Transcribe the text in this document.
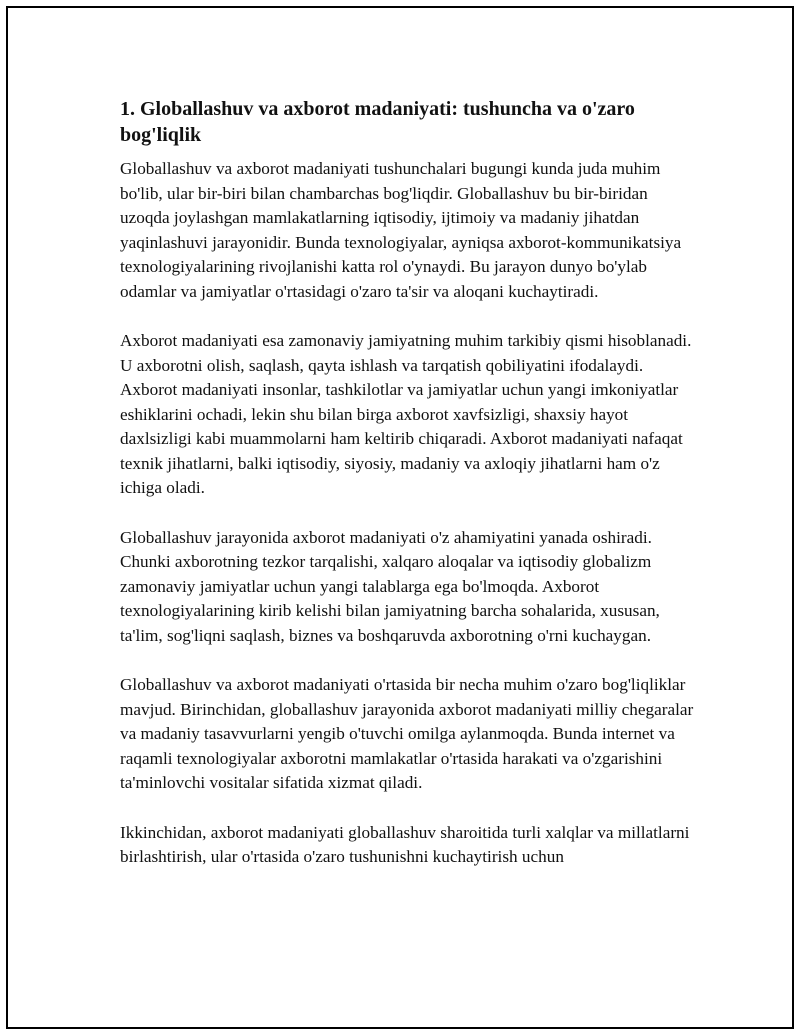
1. Globallashuv va axborot madaniyati: tushuncha va o'zaro bog'liqlik

Globallashuv va axborot madaniyati tushunchalari bugungi kunda juda muhim bo'lib, ular bir-biri bilan chambarchas bog'liqdir. Globallashuv bu bir-biridan uzoqda joylashgan mamlakatlarning iqtisodiy, ijtimoiy va madaniy jihatdan yaqinlashuvi jarayonidir. Bunda texnologiyalar, ayniqsa axborot-kommunikatsiya texnologiyalarining rivojlanishi katta rol o'ynaydi. Bu jarayon dunyo bo'ylab odamlar va jamiyatlar o'rtasidagi o'zaro ta'sir va aloqani kuchaytiradi.

Axborot madaniyati esa zamonaviy jamiyatning muhim tarkibiy qismi hisoblanadi. U axborotni olish, saqlash, qayta ishlash va tarqatish qobiliyatini ifodalaydi. Axborot madaniyati insonlar, tashkilotlar va jamiyatlar uchun yangi imkoniyatlar eshiklarini ochadi, lekin shu bilan birga axborot xavfsizligi, shaxsiy hayot daxlsizligi kabi muammolarni ham keltirib chiqaradi. Axborot madaniyati nafaqat texnik jihatlarni, balki iqtisodiy, siyosiy, madaniy va axloqiy jihatlarni ham o'z ichiga oladi.

Globallashuv jarayonida axborot madaniyati o'z ahamiyatini yanada oshiradi. Chunki axborotning tezkor tarqalishi, xalqaro aloqalar va iqtisodiy globalizm zamonaviy jamiyatlar uchun yangi talablarga ega bo'lmoqda. Axborot texnologiyalarining kirib kelishi bilan jamiyatning barcha sohalarida, xususan, ta'lim, sog'liqni saqlash, biznes va boshqaruvda axborotning o'rni kuchaygan.

Globallashuv va axborot madaniyati o'rtasida bir necha muhim o'zaro bog'liqliklar mavjud. Birinchidan, globallashuv jarayonida axborot madaniyati milliy chegaralar va madaniy tasavvurlarni yengib o'tuvchi omilga aylanmoqda. Bunda internet va raqamli texnologiyalar axborotni mamlakatlar o'rtasida harakati va o'zgarishini ta'minlovchi vositalar sifatida xizmat qiladi.

Ikkinchidan, axborot madaniyati globallashuv sharoitida turli xalqlar va millatlarni birlashtirish, ular o'rtasida o'zaro tushunishni kuchaytirish uchun
